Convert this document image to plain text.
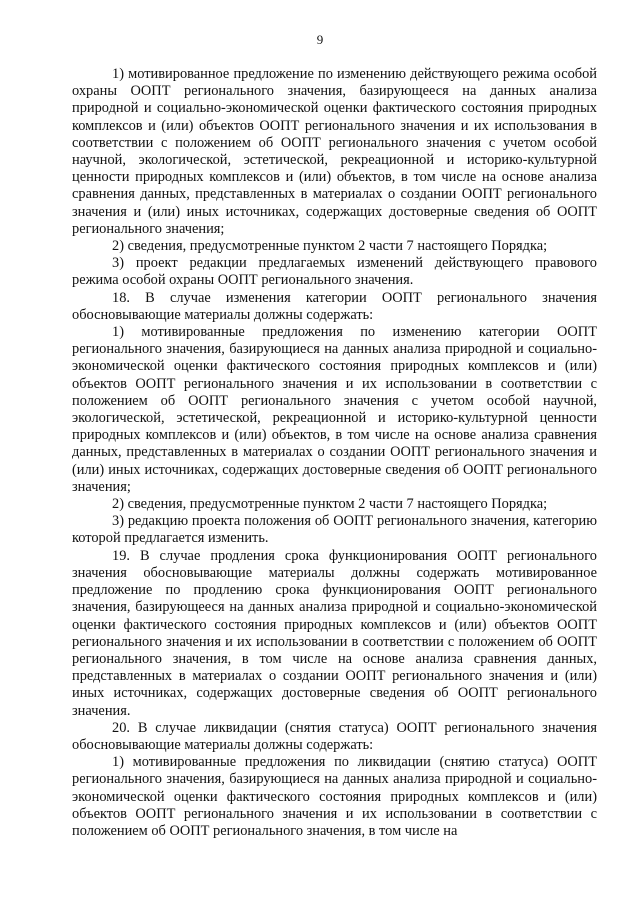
9

1) мотивированное предложение по изменению действующего режима особой охраны ООПТ регионального значения, базирующееся на данных анализа природной и социально-экономической оценки фактического состояния природных комплексов и (или) объектов ООПТ регионального значения и их использования в соответствии с положением об ООПТ регионального значения с учетом особой научной, экологической, эстетической, рекреационной и историко-культурной ценности природных комплексов и (или) объектов, в том числе на основе анализа сравнения данных, представленных в материалах о создании ООПТ регионального значения и (или) иных источниках, содержащих достоверные сведения об ООПТ регионального значения;

2) сведения, предусмотренные пунктом 2 части 7 настоящего Порядка;

3) проект редакции предлагаемых изменений действующего правового режима особой охраны ООПТ регионального значения.

18. В случае изменения категории ООПТ регионального значения обосновывающие материалы должны содержать:

1) мотивированные предложения по изменению категории ООПТ регионального значения, базирующиеся на данных анализа природной и социально-экономической оценки фактического состояния природных комплексов и (или) объектов ООПТ регионального значения и их использовании в соответствии с положением об ООПТ регионального значения с учетом особой научной, экологической, эстетической, рекреационной и историко-культурной ценности природных комплексов и (или) объектов, в том числе на основе анализа сравнения данных, представленных в материалах о создании ООПТ регионального значения и (или) иных источниках, содержащих достоверные сведения об ООПТ регионального значения;

2) сведения, предусмотренные пунктом 2 части 7 настоящего Порядка;

3) редакцию проекта положения об ООПТ регионального значения, категорию которой предлагается изменить.

19. В случае продления срока функционирования ООПТ регионального значения обосновывающие материалы должны содержать мотивированное предложение по продлению срока функционирования ООПТ регионального значения, базирующееся на данных анализа природной и социально-экономической оценки фактического состояния природных комплексов и (или) объектов ООПТ регионального значения и их использовании в соответствии с положением об ООПТ регионального значения, в том числе на основе анализа сравнения данных, представленных в материалах о создании ООПТ регионального значения и (или) иных источниках, содержащих достоверные сведения об ООПТ регионального значения.

20. В случае ликвидации (снятия статуса) ООПТ регионального значения обосновывающие материалы должны содержать:

1) мотивированные предложения по ликвидации (снятию статуса) ООПТ регионального значения, базирующиеся на данных анализа природной и социально-экономической оценки фактического состояния природных комплексов и (или) объектов ООПТ регионального значения и их использовании в соответствии с положением об ООПТ регионального значения, в том числе на
